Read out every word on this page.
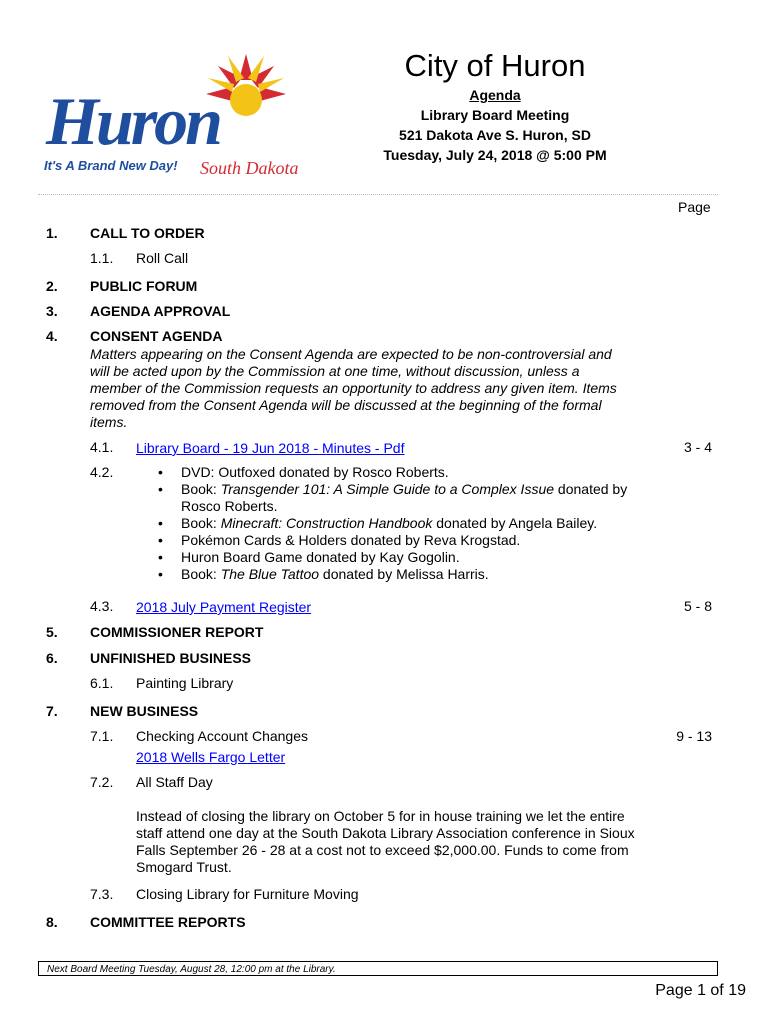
Huron
It's A Brand New Day! South Dakota
City of Huron
Agenda
Library Board Meeting
521 Dakota Ave S. Huron, SD
Tuesday, July 24, 2018 @ 5:00 PM
Page
1. CALL TO ORDER
1.1. Roll Call
2. PUBLIC FORUM
3. AGENDA APPROVAL
4. CONSENT AGENDA
Matters appearing on the Consent Agenda are expected to be non-controversial and will be acted upon by the Commission at one time, without discussion, unless a member of the Commission requests an opportunity to address any given item. Items removed from the Consent Agenda will be discussed at the beginning of the formal items.
4.1. Library Board - 19 Jun 2018 - Minutes - Pdf	3 - 4
4.2.	• DVD: Outfoxed donated by Rosco Roberts.
• Book: Transgender 101: A Simple Guide to a Complex Issue donated by Rosco Roberts.
• Book: Minecraft: Construction Handbook donated by Angela Bailey.
• Pokémon Cards & Holders donated by Reva Krogstad.
• Huron Board Game donated by Kay Gogolin.
• Book: The Blue Tattoo donated by Melissa Harris.
4.3. 2018 July Payment Register	5 - 8
5. COMMISSIONER REPORT
6. UNFINISHED BUSINESS
6.1. Painting Library
7. NEW BUSINESS
7.1. Checking Account Changes	9 - 13
2018 Wells Fargo Letter
7.2. All Staff Day
Instead of closing the library on October 5 for in house training we let the entire staff attend one day at the South Dakota Library Association conference in Sioux Falls September 26 - 28 at a cost not to exceed $2,000.00. Funds to come from Smogard Trust.
7.3. Closing Library for Furniture Moving
8. COMMITTEE REPORTS
Next Board Meeting Tuesday, August 28, 12:00 pm at the Library.
Page 1 of 19
